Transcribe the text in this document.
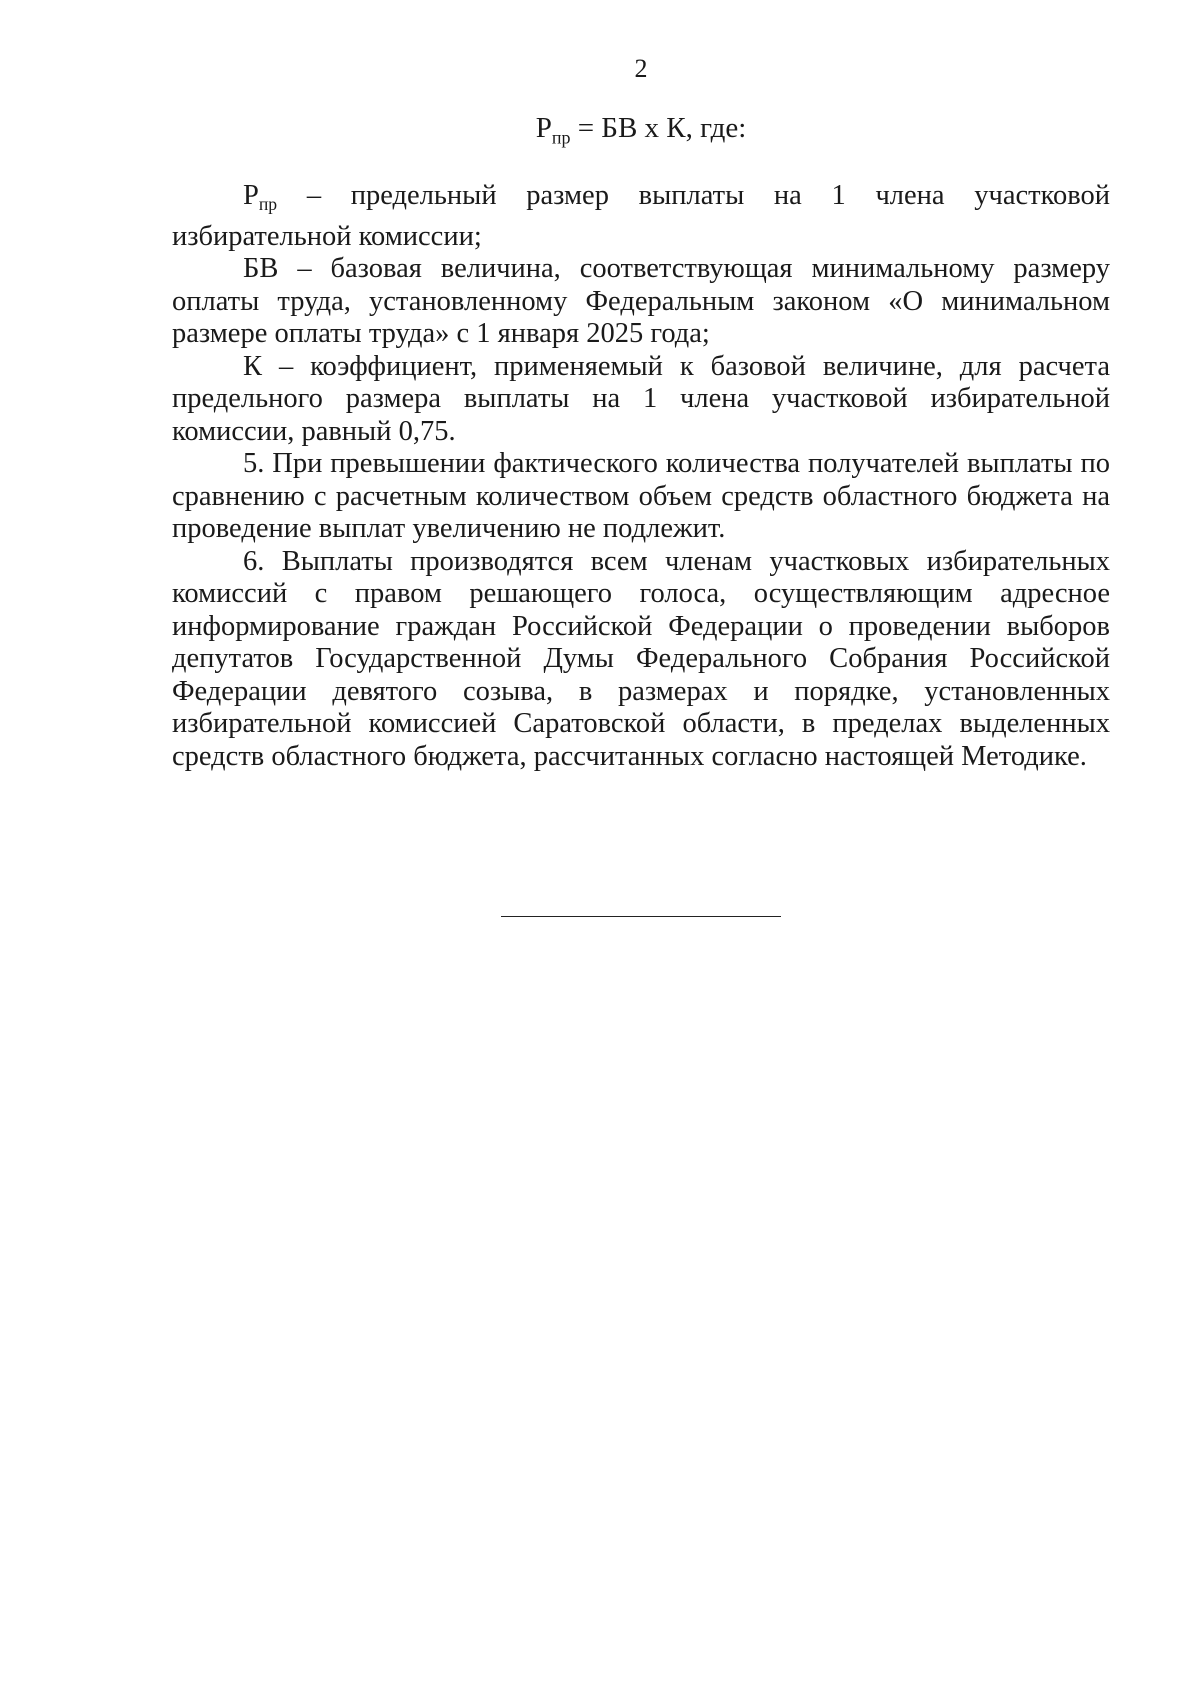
2
$Р_{пр}$ = БВ х К, где:

$Р_{пр}$ – предельный размер выплаты на 1 члена участковой избирательной комиссии;

БВ – базовая величина, соответствующая минимальному размеру оплаты труда, установленному Федеральным законом «О минимальном размере оплаты труда» с 1 января 2025 года;

К – коэффициент, применяемый к базовой величине, для расчета предельного размера выплаты на 1 члена участковой избирательной комиссии, равный 0,75.

5. При превышении фактического количества получателей выплаты по сравнению с расчетным количеством объем средств областного бюджета на проведение выплат увеличению не подлежит.

6. Выплаты производятся всем членам участковых избирательных комиссий с правом решающего голоса, осуществляющим адресное информирование граждан Российской Федерации о проведении выборов депутатов Государственной Думы Федерального Собрания Российской Федерации девятого созыва, в размерах и порядке, установленных избирательной комиссией Саратовской области, в пределах выделенных средств областного бюджета, рассчитанных согласно настоящей Методике.
